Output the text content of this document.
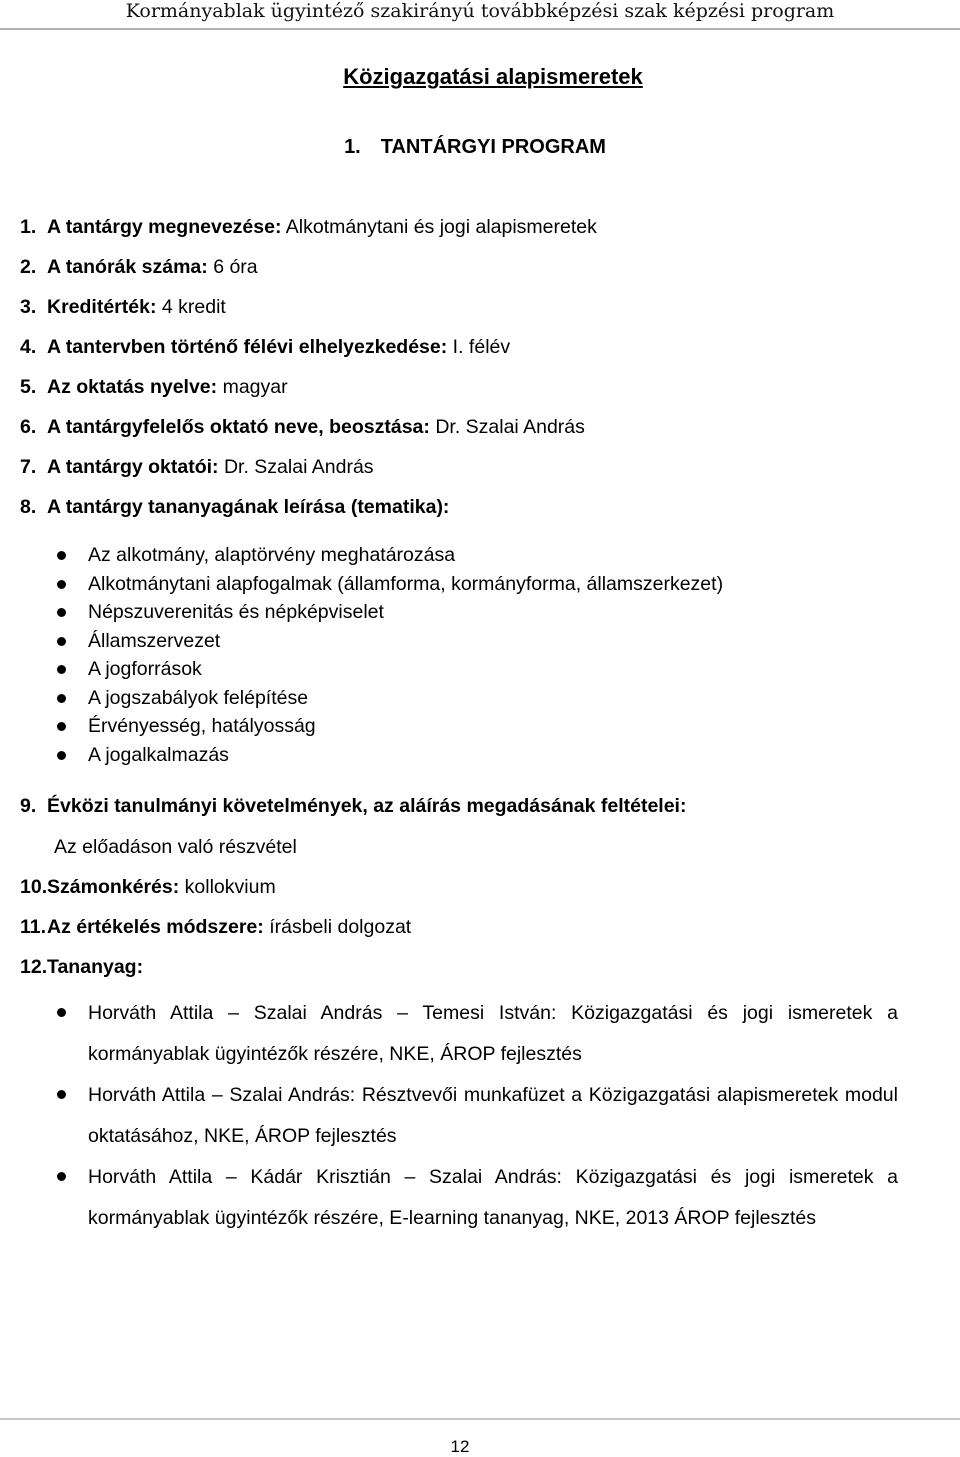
Kormányablak ügyintéző szakirányú továbbképzési szak képzési program
Közigazgatási alapismeretek
1. TANTÁRGYI PROGRAM
1. A tantárgy megnevezése: Alkotmánytani és jogi alapismeretek
2. A tanórák száma: 6 óra
3. Kreditérték: 4 kredit
4. A tantervben történő félévi elhelyezkedése: I. félév
5. Az oktatás nyelve: magyar
6. A tantárgyfelelős oktató neve, beosztása: Dr. Szalai András
7. A tantárgy oktatói: Dr. Szalai András
8. A tantárgy tananyagának leírása (tematika):
Az alkotmány, alaptörvény meghatározása
Alkotmánytani alapfogalmak (államforma, kormányforma, államszerkezet)
Népszuverenitás és népképviselet
Államszervezet
A jogforrások
A jogszabályok felépítése
Érvényesség, hatályosság
A jogalkalmazás
9. Évközi tanulmányi követelmények, az aláírás megadásának feltételei:
Az előadáson való részvétel
10.Számonkérés: kollokvium
11.Az értékelés módszere: írásbeli dolgozat
12.Tananyag:
Horváth Attila – Szalai András – Temesi István: Közigazgatási és jogi ismeretek a kormányablak ügyintézők részére, NKE, ÁROP fejlesztés
Horváth Attila – Szalai András: Résztvevői munkafüzet a Közigazgatási alapismeretek modul oktatásához, NKE, ÁROP fejlesztés
Horváth Attila – Kádár Krisztián – Szalai András: Közigazgatási és jogi ismeretek a kormányablak ügyintézők részére, E-learning tananyag, NKE, 2013 ÁROP fejlesztés
12
